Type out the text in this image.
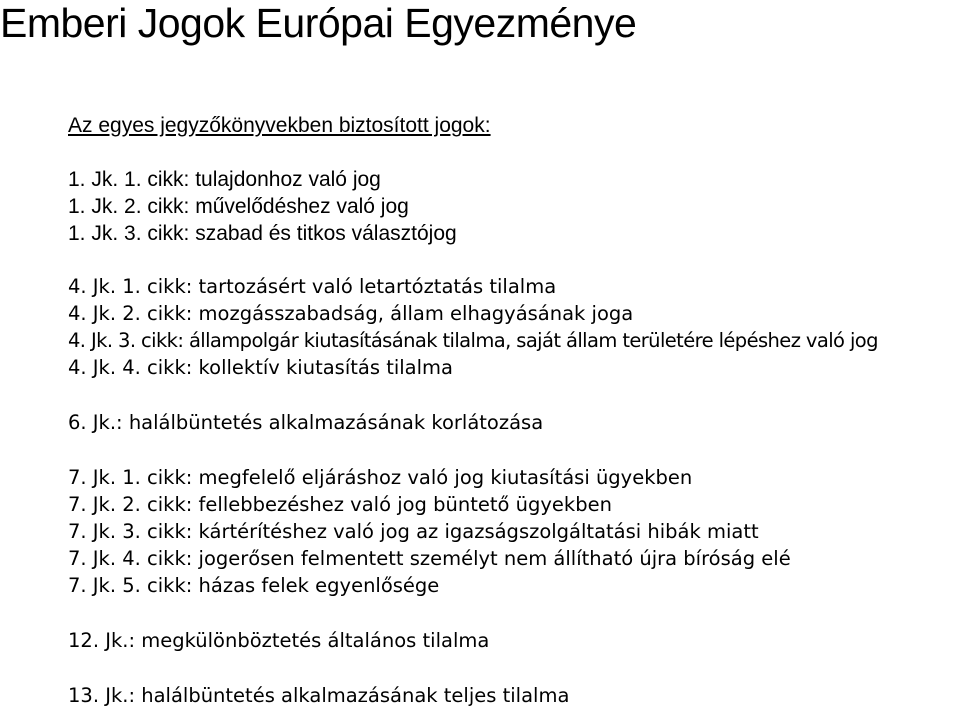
Emberi Jogok Európai Egyezménye
Az egyes jegyzőkönyvekben biztosított jogok:
1. Jk. 1. cikk: tulajdonhoz való jog
1. Jk. 2. cikk: művelődéshez való jog
1. Jk. 3. cikk: szabad és titkos választójog
4. Jk. 1. cikk: tartozásért való letartóztatás tilalma
4. Jk. 2. cikk: mozgásszabadság, állam elhagyásának joga
4. Jk. 3. cikk: állampolgár kiutasításának tilalma, saját állam területére lépéshez való jog
4. Jk. 4. cikk: kollektív kiutasítás tilalma
6. Jk.: halálbüntetés alkalmazásának korlátozása
7. Jk. 1. cikk: megfelelő eljáráshoz való jog kiutasítási ügyekben
7. Jk. 2. cikk: fellebbezéshez való jog büntető ügyekben
7. Jk. 3. cikk: kártérítéshez való jog az igazságszolgáltatási hibák miatt
7. Jk. 4. cikk: jogerősen felmentett személyt nem állítható újra bíróság elé
7. Jk. 5. cikk: házas felek egyenlősége
12. Jk.: megkülönböztetés általános tilalma
13. Jk.: halálbüntetés alkalmazásának teljes tilalma
